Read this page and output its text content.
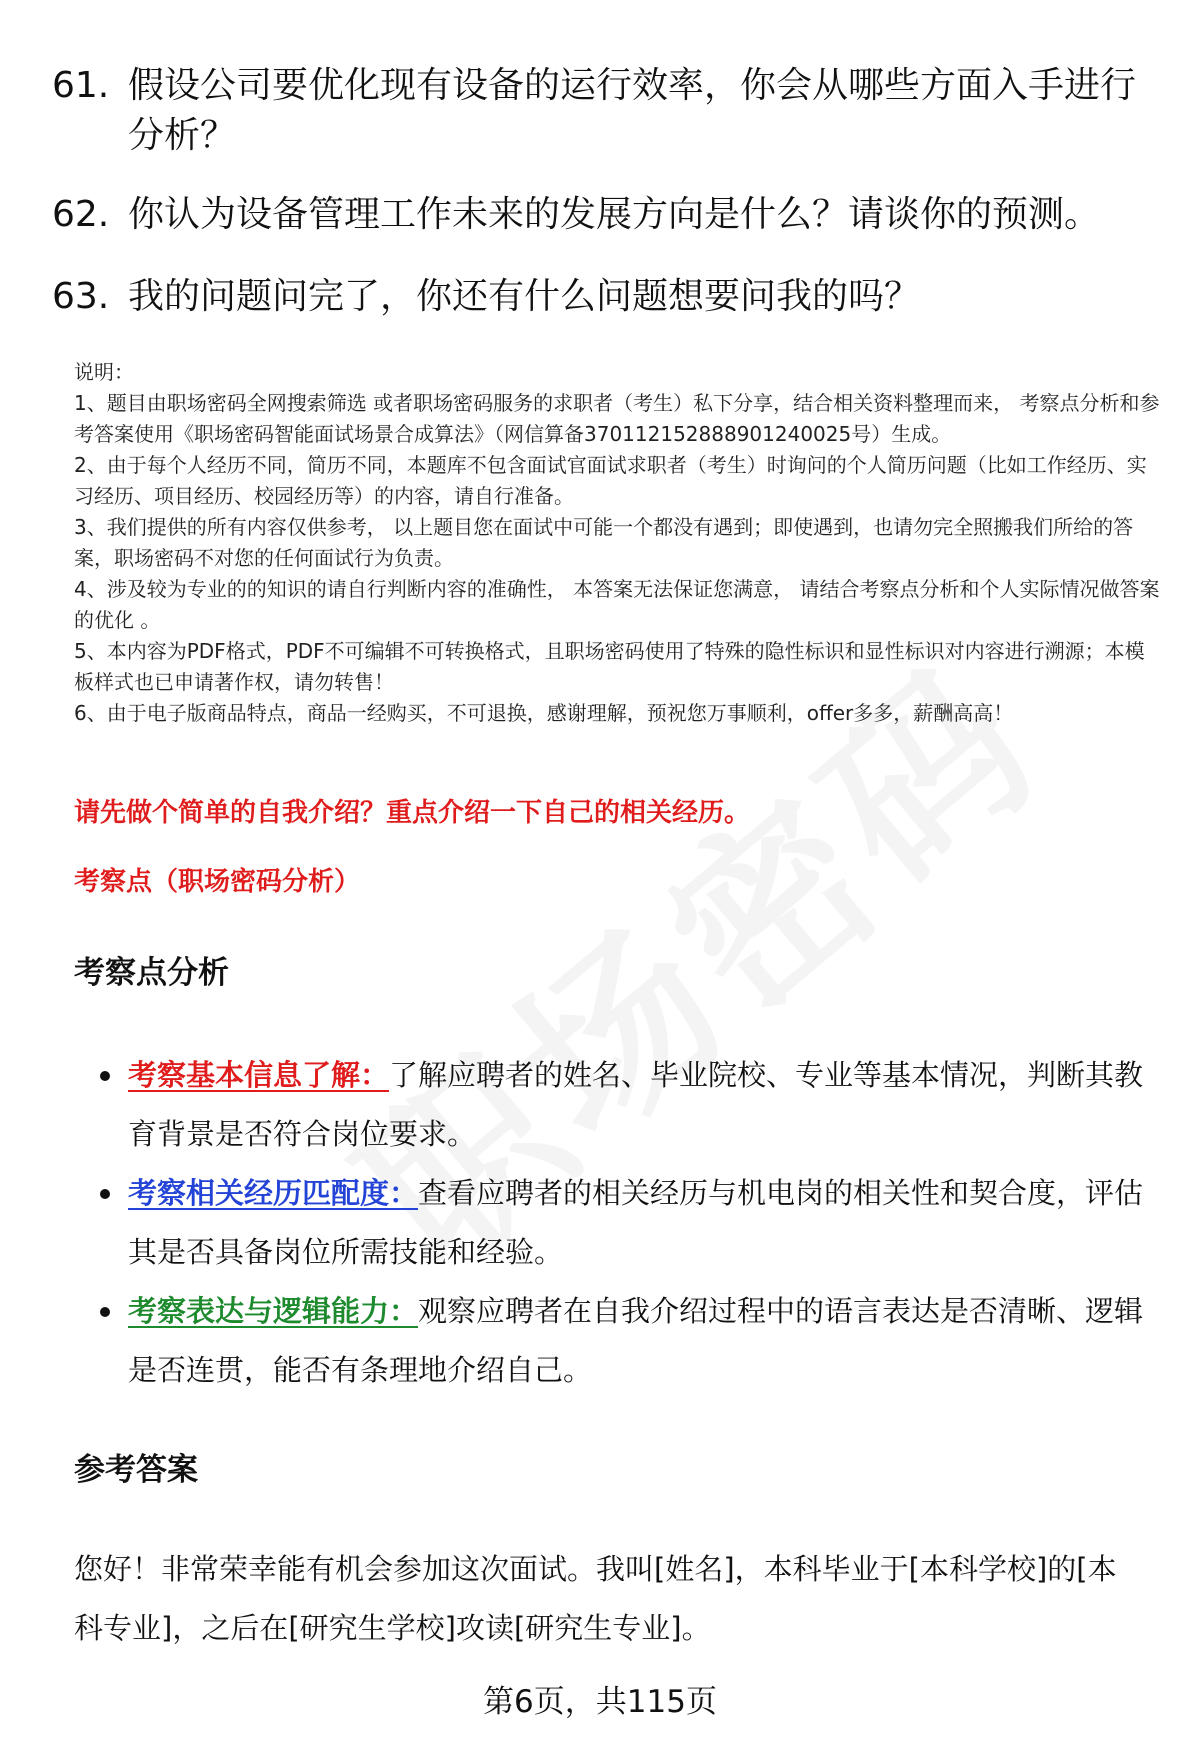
61. 假设公司要优化现有设备的运行效率，你会从哪些方面入手进行分析？
62. 你认为设备管理工作未来的发展方向是什么？请谈你的预测。
63. 我的问题问完了，你还有什么问题想要问我的吗？

说明：

1、题目由职场密码全网搜索筛选 或者职场密码服务的求职者（考生）私下分享，结合相关资料整理而来， 考察点分析和参考答案使用《职场密码智能面试场景合成算法》（网信算备370112152888901240025号）生成。

2、由于每个人经历不同，简历不同，本题库不包含面试官面试求职者（考生）时询问的个人简历问题（比如工作经历、实习经历、项目经历、校园经历等）的内容，请自行准备。

3、我们提供的所有内容仅供参考， 以上题目您在面试中可能一个都没有遇到；即使遇到，也请勿完全照搬我们所给的答案，职场密码不对您的任何面试行为负责。

4、涉及较为专业的的知识的请自行判断内容的准确性， 本答案无法保证您满意， 请结合考察点分析和个人实际情况做答案的优化 。

5、本内容为PDF格式，PDF不可编辑不可转换格式，且职场密码使用了特殊的隐性标识和显性标识对内容进行溯源；本模板样式也已申请著作权，请勿转售！

6、由于电子版商品特点，商品一经购买，不可退换，感谢理解，预祝您万事顺利，offer多多，薪酬高高！

请先做个简单的自我介绍？重点介绍一下自己的相关经历。
考察点（职场密码分析）
考察点分析
考察基本信息了解：了解应聘者的姓名、毕业院校、专业等基本情况，判断其教育背景是否符合岗位要求。
考察相关经历匹配度：查看应聘者的相关经历与机电岗的相关性和契合度，评估其是否具备岗位所需技能和经验。
考察表达与逻辑能力：观察应聘者在自我介绍过程中的语言表达是否清晰、逻辑是否连贯，能否有条理地介绍自己。
参考答案
您好！非常荣幸能有机会参加这次面试。我叫[姓名]，本科毕业于[本科学校]的[本科专业]，之后在[研究生学校]攻读[研究生专业]。
第6页，共115页
